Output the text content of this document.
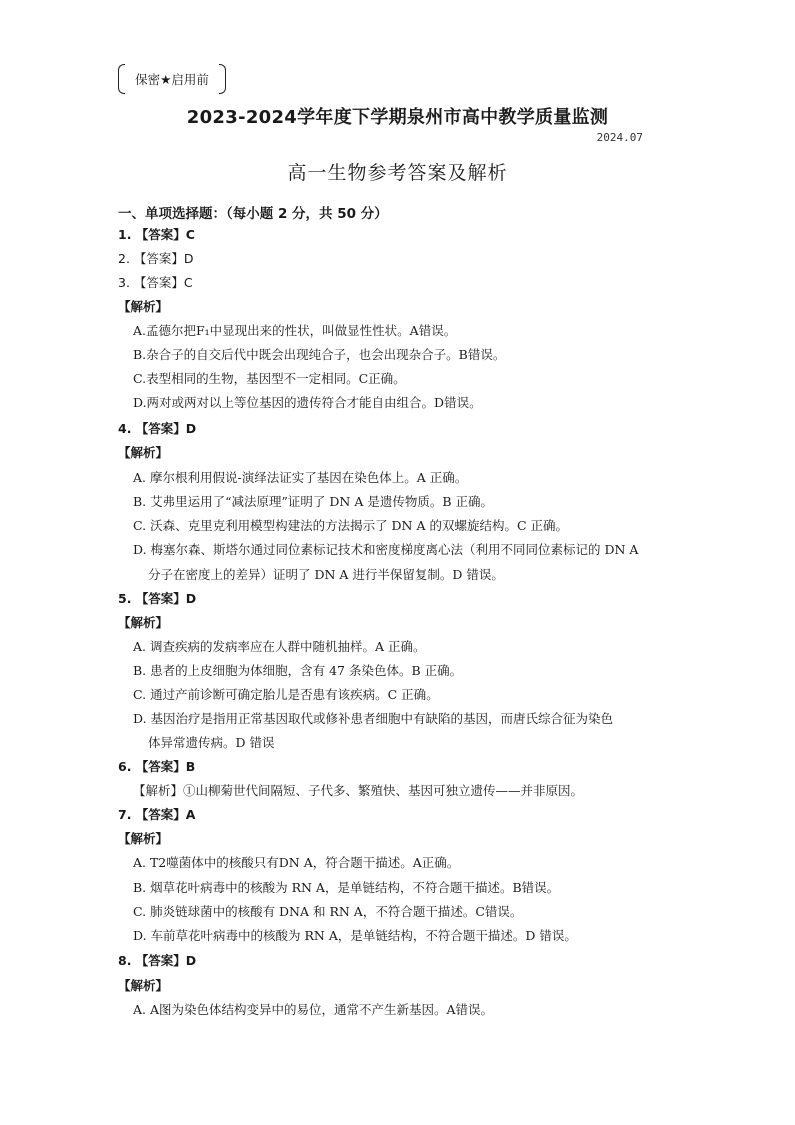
保密★启用前
2023-2024学年度下学期泉州市高中教学质量监测
2024.07
高一生物参考答案及解析
一、单项选择题：（每小题 2 分，共 50 分）
1. 【答案】C
2. 【答案】D
3. 【答案】C
【解析】
A.孟德尔把F₁中显现出来的性状，叫做显性性状。A错误。
B.杂合子的自交后代中既会出现纯合子，也会出现杂合子。B错误。
C.表型相同的生物，基因型不一定相同。C正确。
D.两对或两对以上等位基因的遗传符合才能自由组合。D错误。
4. 【答案】D
【解析】
A. 摩尔根利用假说-演绎法证实了基因在染色体上。A 正确。
B. 艾弗里运用了“减法原理”证明了 DN A 是遗传物质。B 正确。
C. 沃森、克里克利用模型构建法的方法揭示了 DN A 的双螺旋结构。C 正确。
D. 梅塞尔森、斯塔尔通过同位素标记技术和密度梯度离心法（利用不同同位素标记的 DN A
分子在密度上的差异）证明了 DN A 进行半保留复制。D 错误。
5. 【答案】D
【解析】
A. 调查疾病的发病率应在人群中随机抽样。A 正确。
B. 患者的上皮细胞为体细胞，含有 47 条染色体。B 正确。
C. 通过产前诊断可确定胎儿是否患有该疾病。C 正确。
D. 基因治疗是指用正常基因取代或修补患者细胞中有缺陷的基因，而唐氏综合征为染色
体异常遗传病。D 错误
6. 【答案】B
【解析】①山柳菊世代间隔短、子代多、繁殖快、基因可独立遗传——并非原因。
7. 【答案】A
【解析】
A. T2噬菌体中的核酸只有DN A，符合题干描述。A正确。
B. 烟草花叶病毒中的核酸为 RN A，是单链结构，不符合题干描述。B错误。
C. 肺炎链球菌中的核酸有 DNA 和 RN A，不符合题干描述。C错误。
D. 车前草花叶病毒中的核酸为 RN A，是单链结构，不符合题干描述。D 错误。
8. 【答案】D
【解析】
A. A图为染色体结构变异中的易位，通常不产生新基因。A错误。
